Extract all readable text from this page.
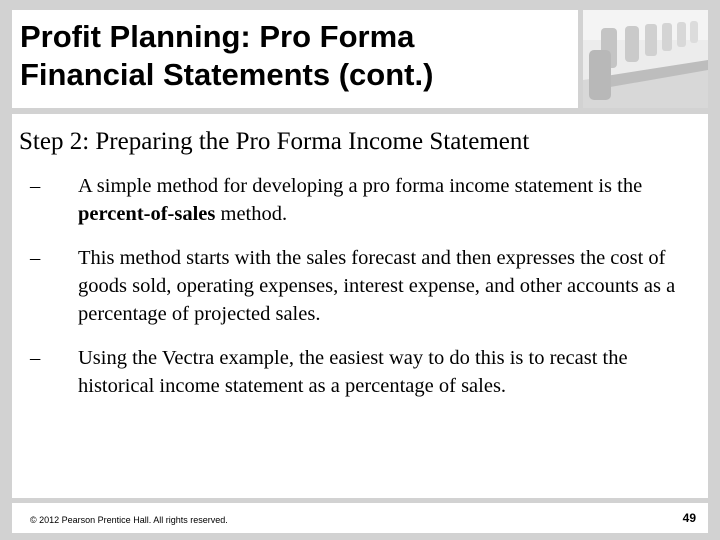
Profit Planning: Pro Forma
Financial Statements (cont.)

Step 2: Preparing the Pro Forma Income Statement

–	A simple method for developing a pro forma income statement is the percent-of-sales method.
–	This method starts with the sales forecast and then expresses the cost of goods sold, operating expenses, interest expense, and other accounts as a percentage of projected sales.
–	Using the Vectra example, the easiest way to do this is to recast the historical income statement as a percentage of sales.
© 2012 Pearson Prentice Hall. All rights reserved.	49
